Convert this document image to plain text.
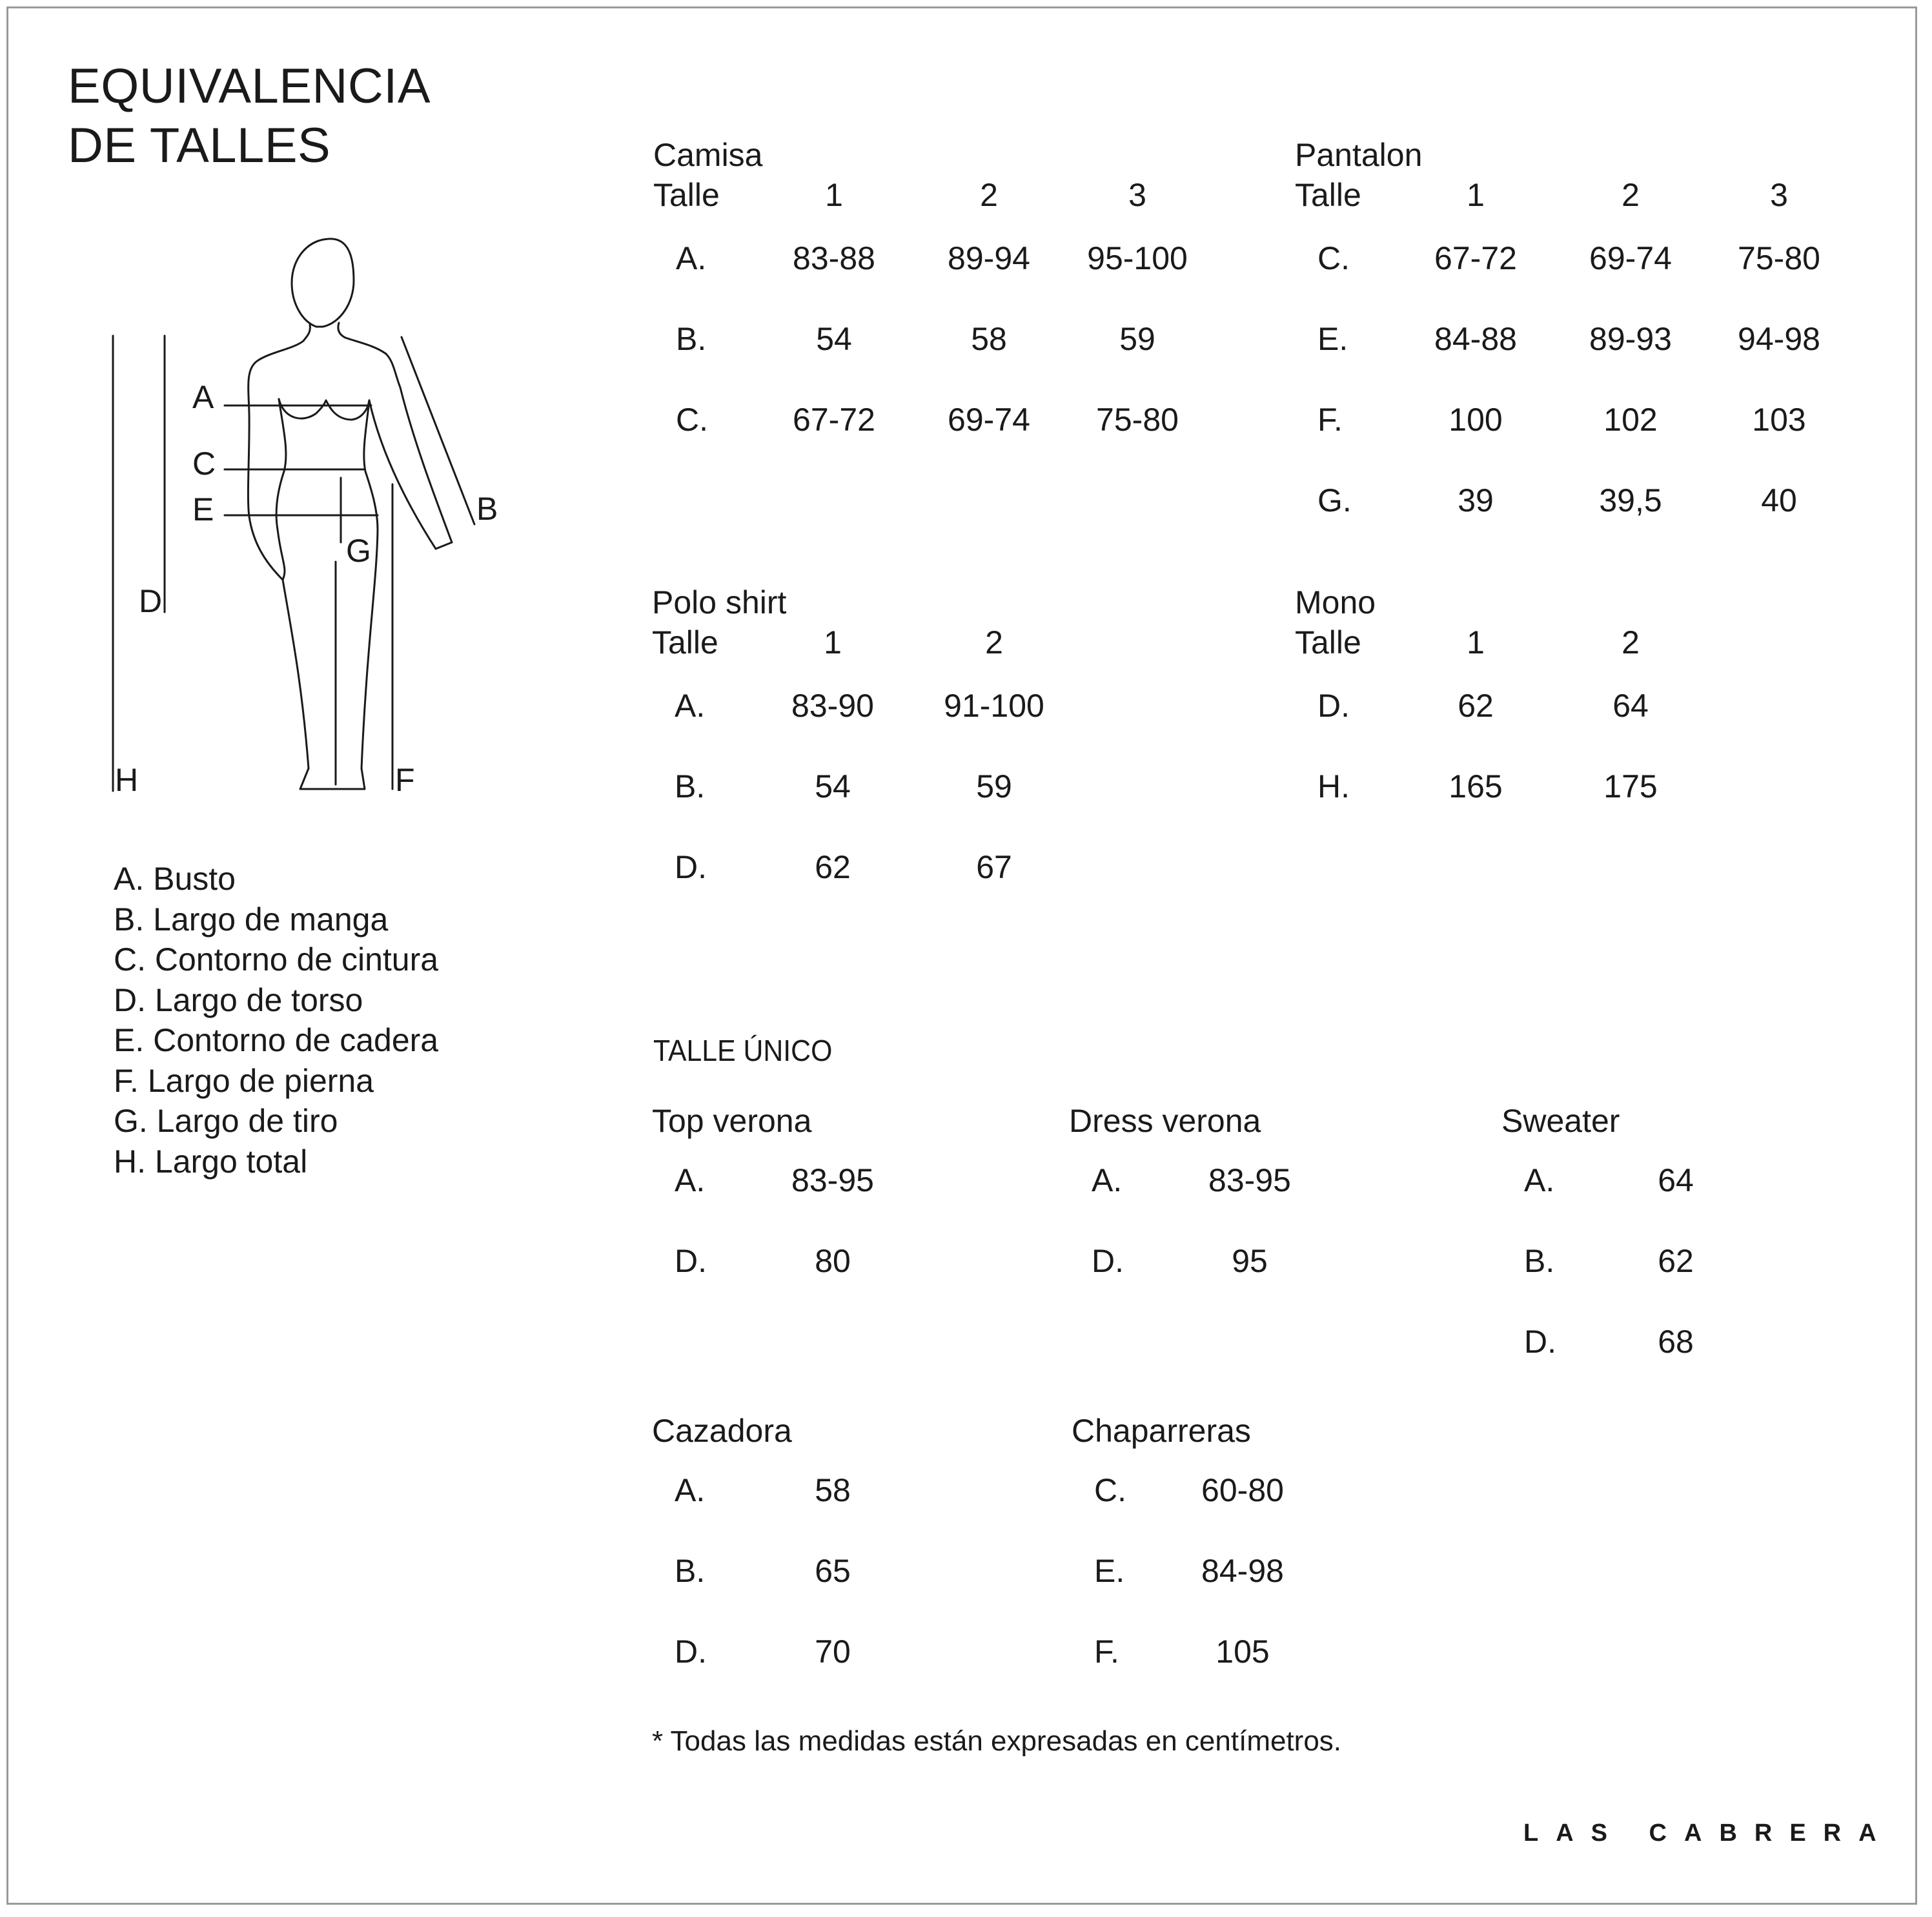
EQUIVALENCIA
DE TALLES
A
C
E
G
D
B
H	F
A. Busto
B. Largo de manga
C. Contorno de cintura
D. Largo de torso
E. Contorno de cadera
F. Largo de pierna
G. Largo de tiro
H. Largo total
Camisa
Talle	1	2	3
A.	83-88	89-94	95-100
B.	54	58	59
C.	67-72	69-74	75-80
Pantalon
Talle	1	2	3
C.	67-72	69-74	75-80
E.	84-88	89-93	94-98
F.	100	102	103
G.	39	39,5	40
Polo shirt
Talle	1	2
A.	83-90	91-100
B.	54	59
D.	62	67
Mono
Talle	1	2
D.	62	64
H.	165	175
Top verona
A.	83-95
D.	80
Dress verona
A.	83-95
D.	95
Sweater
A.	64
B.	62
D.	68
Cazadora
A.	58
B.	65
D.	70
Chaparreras
C.	60-80
E.	84-98
F.	105
TALLE ÚNICO
* Todas las medidas están expresadas en centímetros.
LAS CABRERA
